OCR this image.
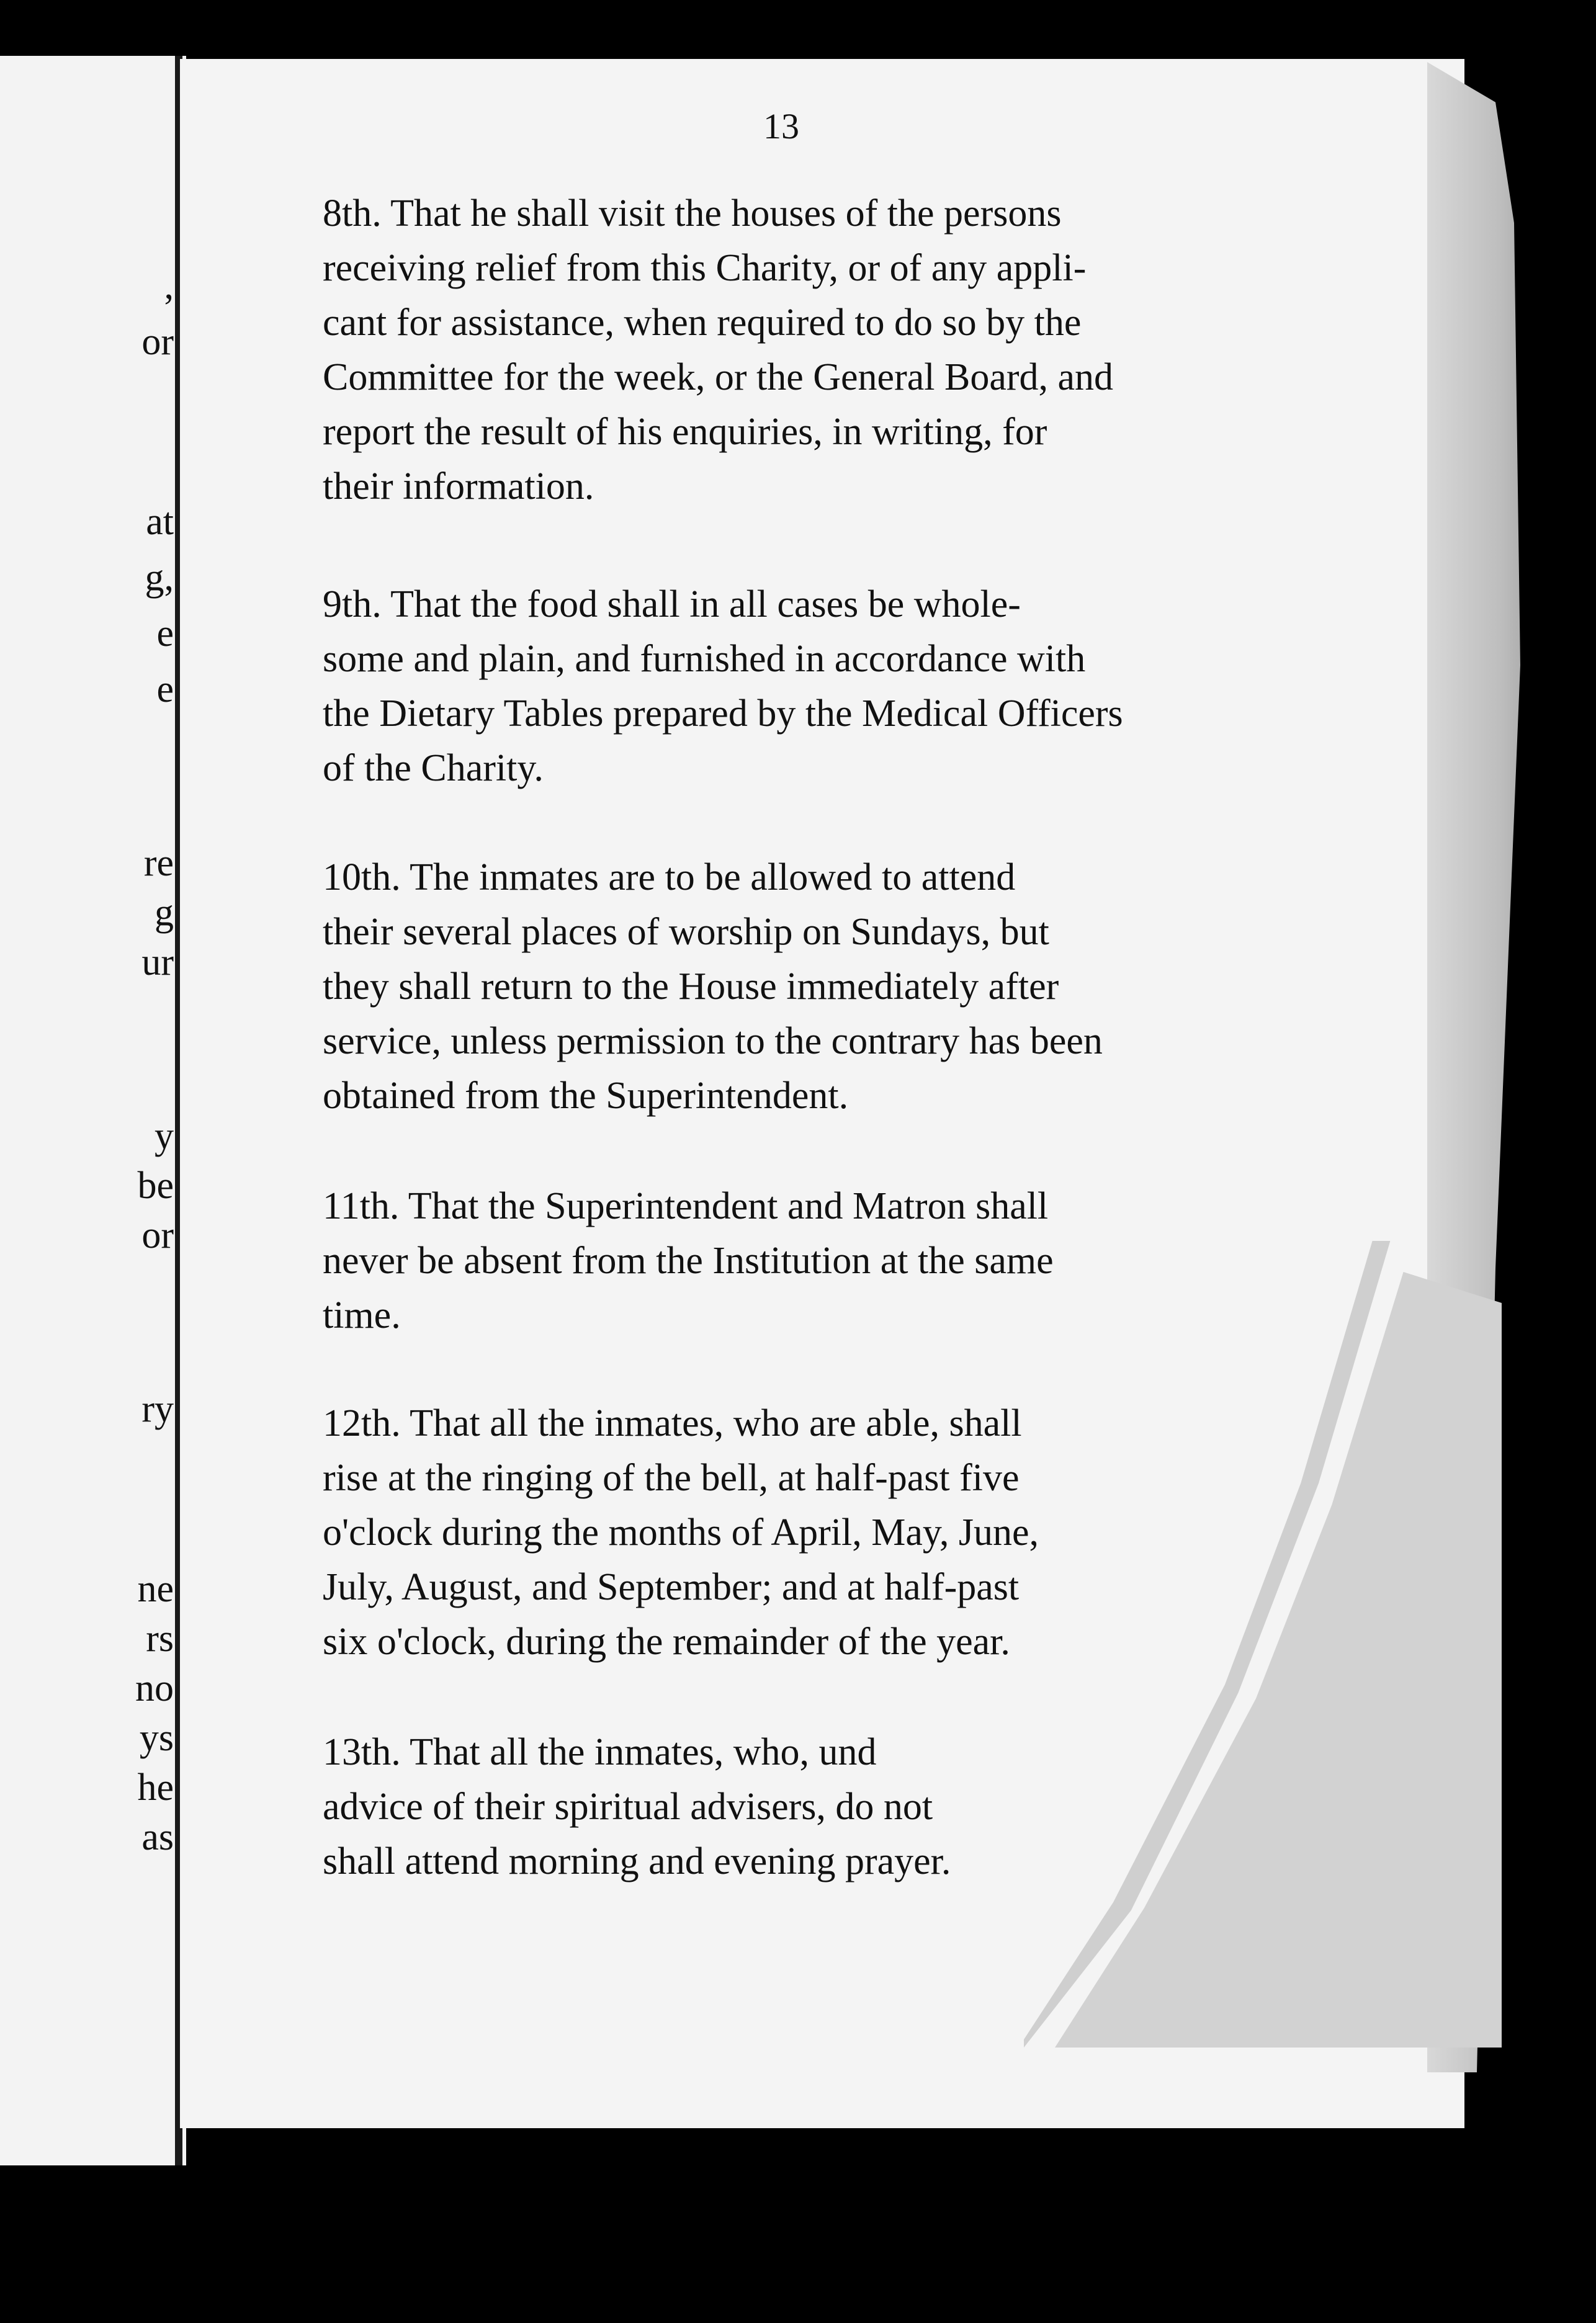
,
or
at
g,
e
e
re
g
ur
y
be
or
ry
ne
rs
no
ys
he
as
13
8th. That he shall visit the houses of the persons
receiving relief from this Charity, or of any appli-
cant for assistance, when required to do so by the
Committee for the week, or the General Board, and
report the result of his enquiries, in writing, for
their information.
9th. That the food shall in all cases be whole-
some and plain, and furnished in accordance with
the Dietary Tables prepared by the Medical Officers
of the Charity.
10th. The inmates are to be allowed to attend
their several places of worship on Sundays, but
they shall return to the House immediately after
service, unless permission to the contrary has been
obtained from the Superintendent.
11th. That the Superintendent and Matron shall
never be absent from the Institution at the same
time.
12th. That all the inmates, who are able, shall
rise at the ringing of the bell, at half-past five
o'clock during the months of April, May, June,
July, August, and September; and at half-past
six o'clock, during the remainder of the year.
13th. That all the inmates, who, und
advice of their spiritual advisers, do not
shall attend morning and evening prayer.
